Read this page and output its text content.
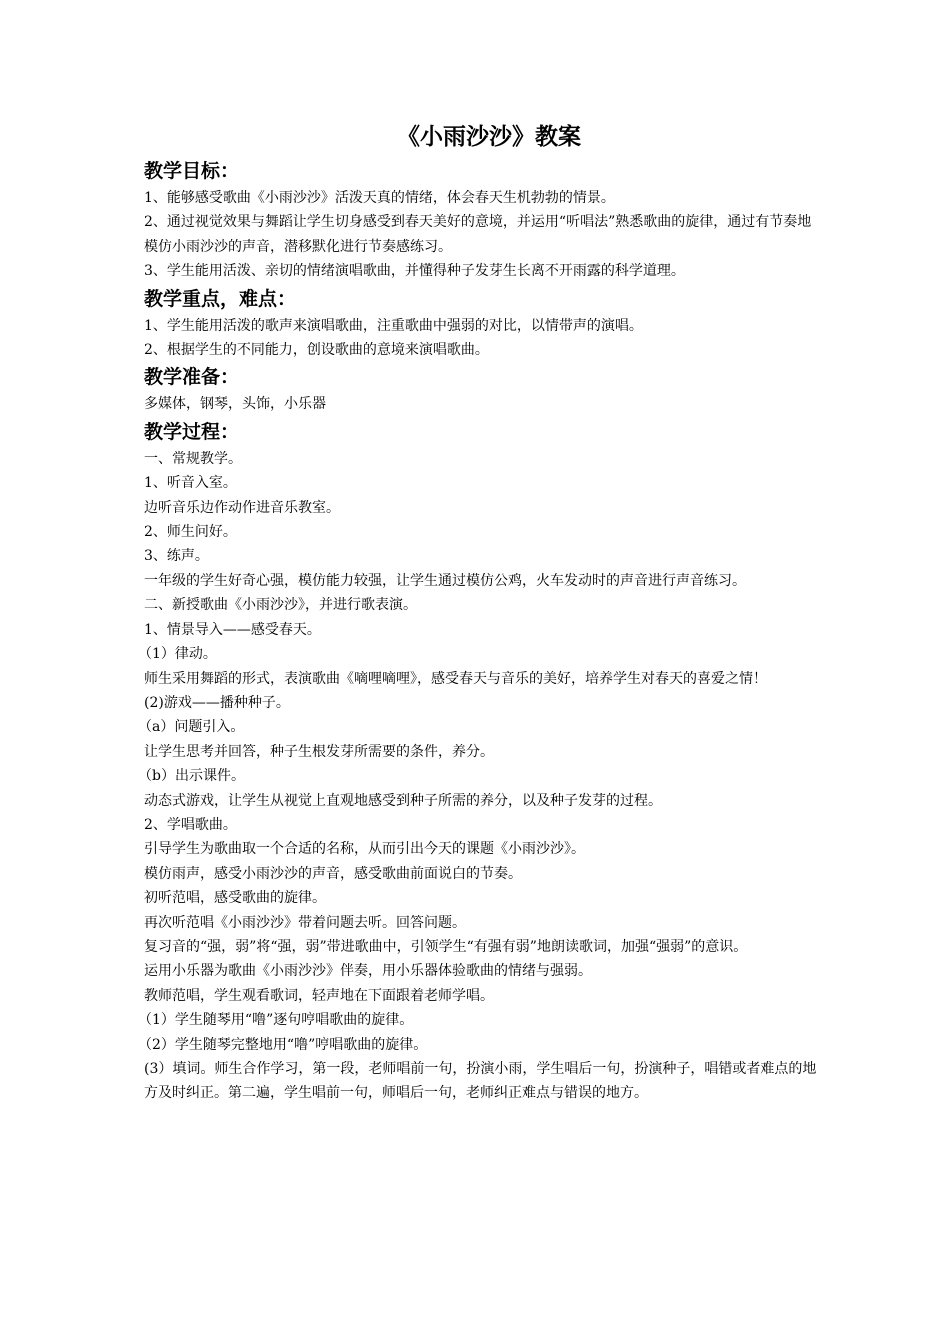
《小雨沙沙》教案
教学目标：

1、能够感受歌曲《小雨沙沙》活泼天真的情绪，体会春天生机勃勃的情景。

2、通过视觉效果与舞蹈让学生切身感受到春天美好的意境，并运用“听唱法”熟悉歌曲的旋律，通过有节奏地模仿小雨沙沙的声音，潜移默化进行节奏感练习。

3、学生能用活泼、亲切的情绪演唱歌曲，并懂得种子发芽生长离不开雨露的科学道理。

教学重点，难点：

1、学生能用活泼的歌声来演唱歌曲，注重歌曲中强弱的对比，以情带声的演唱。

2、根据学生的不同能力，创设歌曲的意境来演唱歌曲。

教学准备：

多媒体，钢琴，头饰，小乐器

教学过程：

一、常规教学。

1、听音入室。

边听音乐边作动作进音乐教室。

2、师生问好。

3、练声。

一年级的学生好奇心强，模仿能力较强，让学生通过模仿公鸡，火车发动时的声音进行声音练习。

二、新授歌曲《小雨沙沙》，并进行歌表演。

1、情景导入——感受春天。

（1）律动。

师生采用舞蹈的形式，表演歌曲《嘀哩嘀哩》，感受春天与音乐的美好，培养学生对春天的喜爱之情！

(2)游戏——播种种子。

（a）问题引入。

让学生思考并回答，种子生根发芽所需要的条件，养分。

（b）出示课件。

动态式游戏，让学生从视觉上直观地感受到种子所需的养分，以及种子发芽的过程。

2、学唱歌曲。

引导学生为歌曲取一个合适的名称，从而引出今天的课题《小雨沙沙》。

模仿雨声，感受小雨沙沙的声音，感受歌曲前面说白的节奏。

初听范唱，感受歌曲的旋律。

再次听范唱《小雨沙沙》带着问题去听。回答问题。

复习音的“强，弱”将“强，弱”带进歌曲中，引领学生“有强有弱”地朗读歌词，加强“强弱”的意识。

运用小乐器为歌曲《小雨沙沙》伴奏，用小乐器体验歌曲的情绪与强弱。

教师范唱，学生观看歌词，轻声地在下面跟着老师学唱。

（1）学生随琴用“噜”逐句哼唱歌曲的旋律。

（2）学生随琴完整地用“噜”哼唱歌曲的旋律。

(3）填词。师生合作学习，第一段，老师唱前一句，扮演小雨，学生唱后一句，扮演种子，唱错或者难点的地方及时纠正。第二遍，学生唱前一句，师唱后一句，老师纠正难点与错误的地方。
